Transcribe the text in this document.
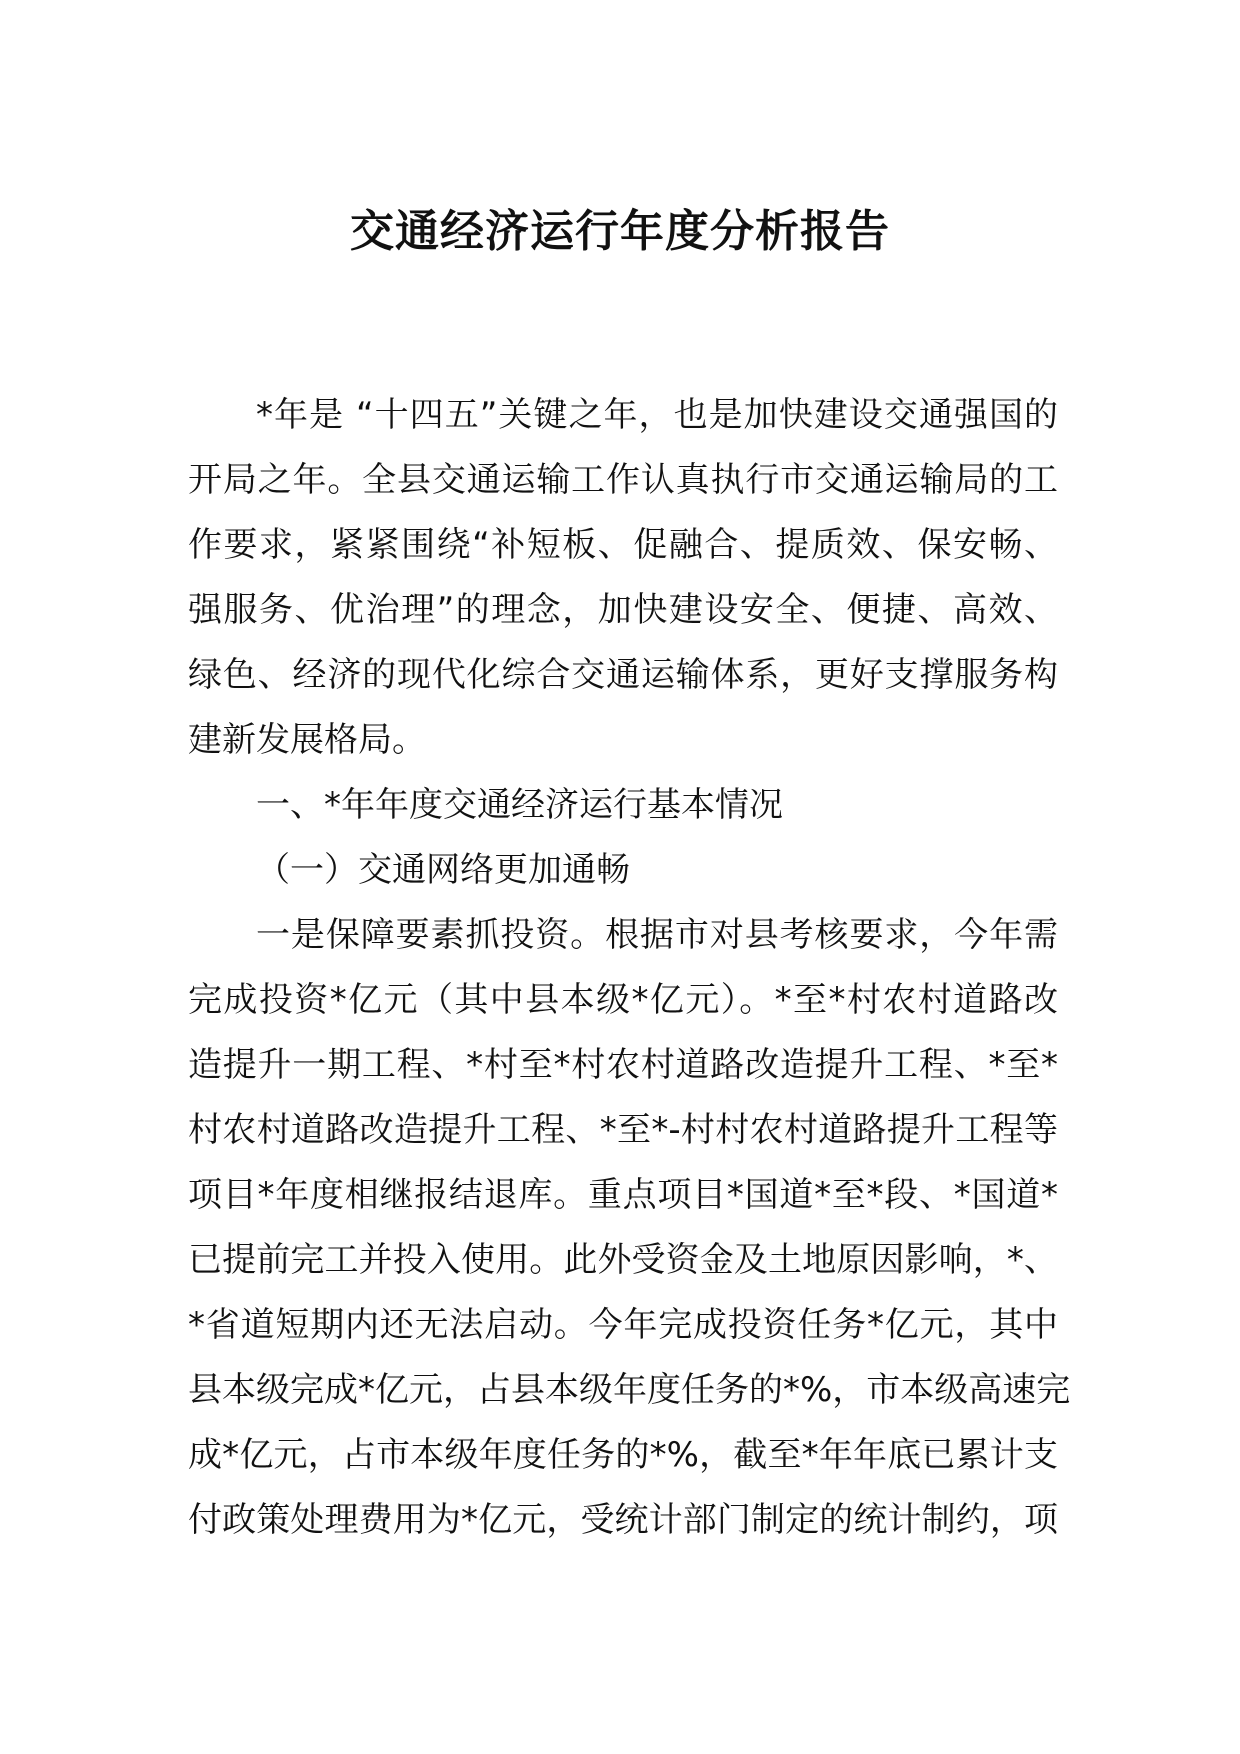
交通经济运行年度分析报告
*年是 “十四五”关键之年，也是加快建设交通强国的
开局之年。全县交通运输工作认真执行市交通运输局的工
作要求，紧紧围绕“补短板、促融合、提质效、保安畅、
强服务、优治理”的理念，加快建设安全、便捷、高效、
绿色、经济的现代化综合交通运输体系，更好支撑服务构
建新发展格局。
一、*年年度交通经济运行基本情况
（一）交通网络更加通畅
一是保障要素抓投资。根据市对县考核要求，今年需
完成投资*亿元（其中县本级*亿元）。*至*村农村道路改
造提升一期工程、*村至*村农村道路改造提升工程、*至*
村农村道路改造提升工程、*至*-村村农村道路提升工程等
项目*年度相继报结退库。重点项目*国道*至*段、*国道*
已提前完工并投入使用。此外受资金及土地原因影响，*、
*省道短期内还无法启动。今年完成投资任务*亿元，其中
县本级完成*亿元，占县本级年度任务的*%，市本级高速完
成*亿元，占市本级年度任务的*%，截至*年年底已累计支
付政策处理费用为*亿元，受统计部门制定的统计制约，项
